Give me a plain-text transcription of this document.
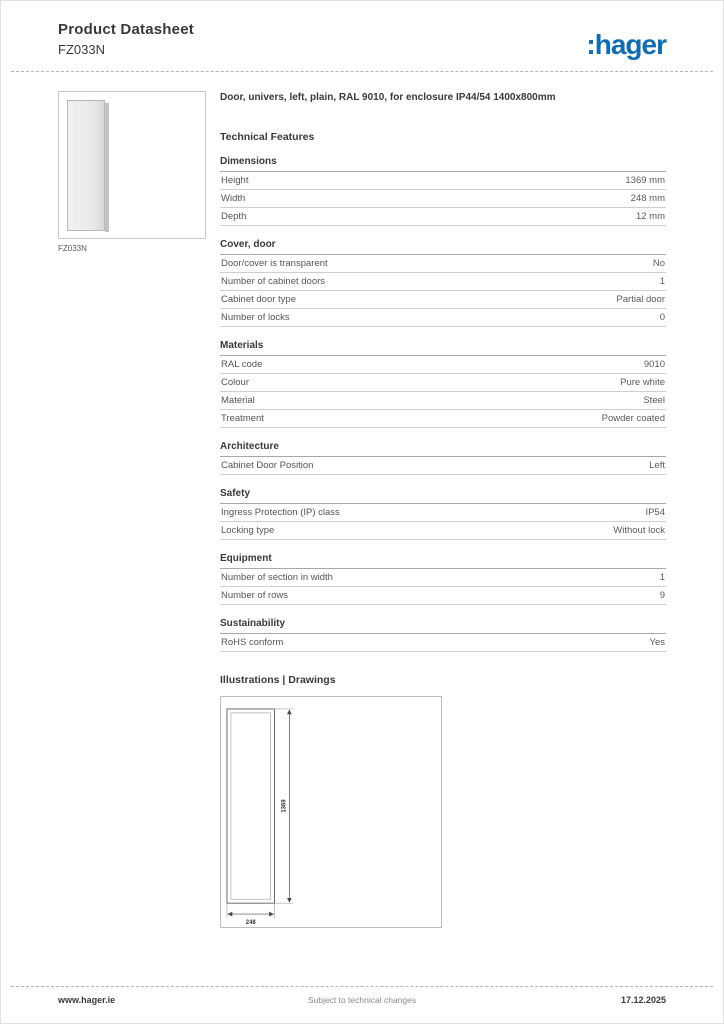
Product Datasheet
FZ033N	:hager
FZ033N
Door, univers, left, plain, RAL 9010, for enclosure IP44/54 1400x800mm
Technical Features
Dimensions
Height	1369 mm
Width	248 mm
Depth	12 mm
Cover, door
Door/cover is transparent	No
Number of cabinet doors	1
Cabinet door type	Partial door
Number of locks	0
Materials
RAL code	9010
Colour	Pure white
Material	Steel
Treatment	Powder coated
Architecture
Cabinet Door Position	Left
Safety
Ingress Protection (IP) class	IP54
Locking type	Without lock
Equipment
Number of section in width	1
Number of rows	9
Sustainability
RoHS conform	Yes
Illustrations | Drawings
1369
248
www.hager.ie	Subject to technical changes	17.12.2025
